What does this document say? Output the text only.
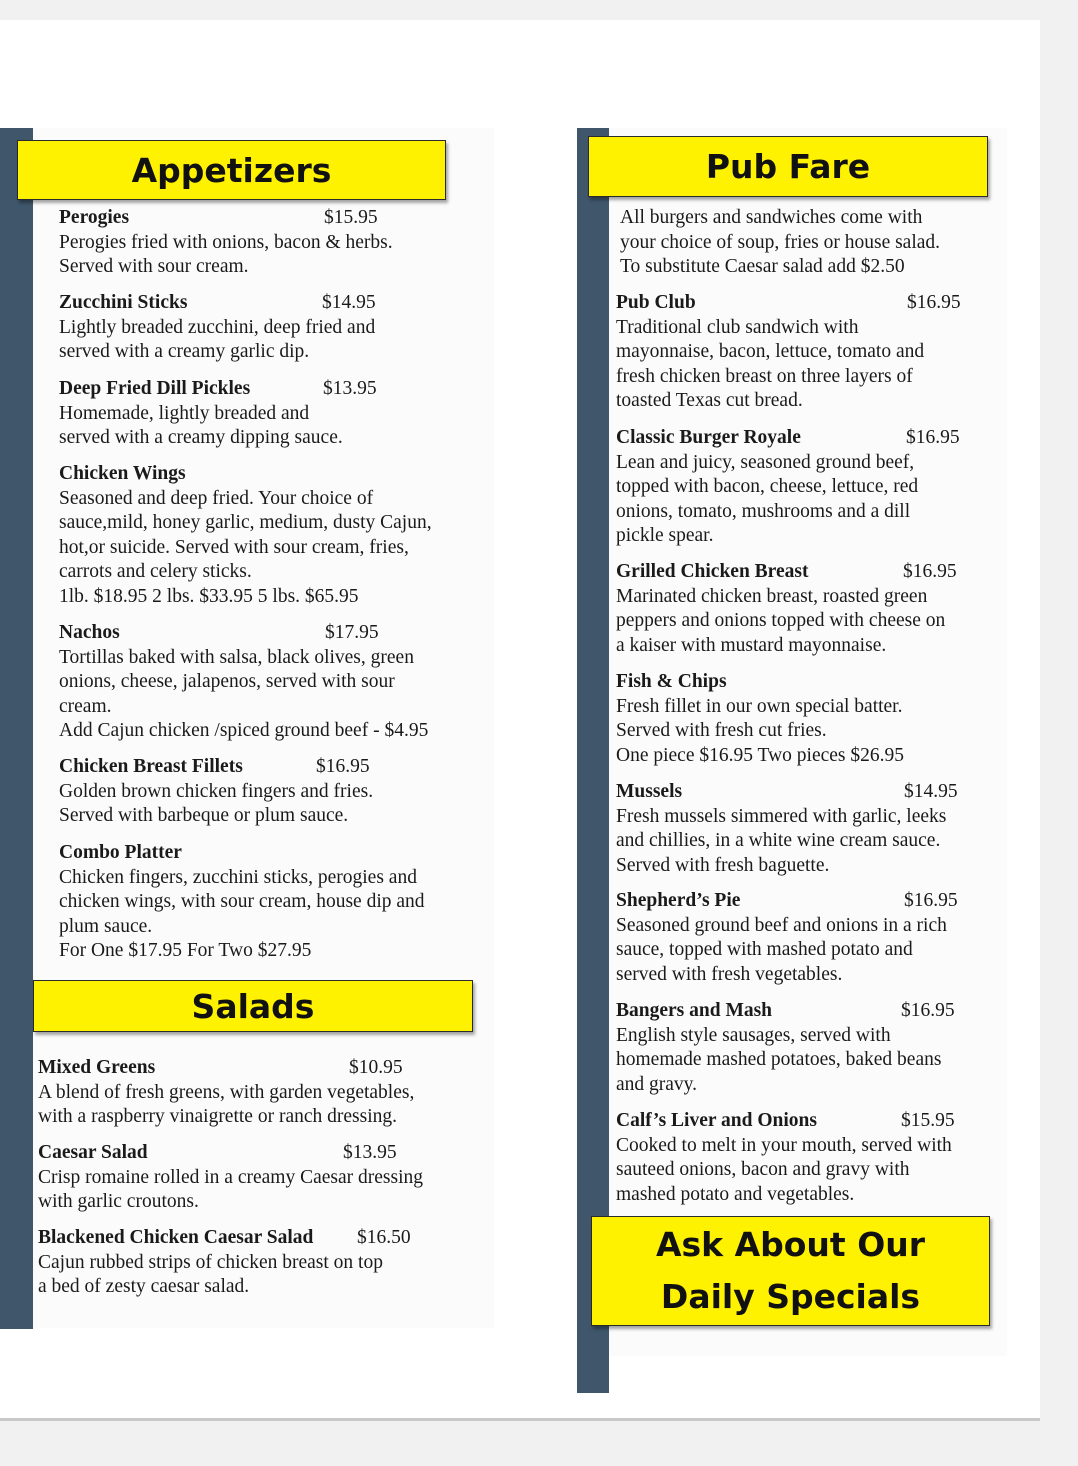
Appetizers
Salads
Pub Fare
Ask About Our
Daily Specials
Perogies	$15.95
Perogies fried with onions, bacon & herbs.
Served with sour cream.
Zucchini Sticks	$14.95
Lightly breaded zucchini, deep fried and
served with a creamy garlic dip.
Deep Fried Dill Pickles	$13.95
Homemade, lightly breaded and
served with a creamy dipping sauce.
Chicken Wings
Seasoned and deep fried. Your choice of
sauce,mild, honey garlic, medium, dusty Cajun,
hot,or suicide. Served with sour cream, fries,
carrots and celery sticks.
1lb. $18.95 2 lbs. $33.95 5 lbs. $65.95
Nachos	$17.95
Tortillas baked with salsa, black olives, green
onions, cheese, jalapenos, served with sour
cream.
Add Cajun chicken /spiced ground beef - $4.95
Chicken Breast Fillets	$16.95
Golden brown chicken fingers and fries.
Served with barbeque or plum sauce.
Combo Platter
Chicken fingers, zucchini sticks, perogies and
chicken wings, with sour cream, house dip and
plum sauce.
For One $17.95 For Two $27.95
Mixed Greens	$10.95
A blend of fresh greens, with garden vegetables,
with a raspberry vinaigrette or ranch dressing.
Caesar Salad	$13.95
Crisp romaine rolled in a creamy Caesar dressing
with garlic croutons.
Blackened Chicken Caesar Salad $16.50
Cajun rubbed strips of chicken breast on top
a bed of zesty caesar salad.
All burgers and sandwiches come with
your choice of soup, fries or house salad.
To substitute Caesar salad add $2.50
Pub Club	$16.95
Traditional club sandwich with
mayonnaise, bacon, lettuce, tomato and
fresh chicken breast on three layers of
toasted Texas cut bread.
Classic Burger Royale	$16.95
Lean and juicy, seasoned ground beef,
topped with bacon, cheese, lettuce, red
onions, tomato, mushrooms and a dill
pickle spear.
Grilled Chicken Breast	$16.95
Marinated chicken breast, roasted green
peppers and onions topped with cheese on
a kaiser with mustard mayonnaise.
Fish & Chips
Fresh fillet in our own special batter.
Served with fresh cut fries.
One piece $16.95 Two pieces $26.95
Mussels	$14.95
Fresh mussels simmered with garlic, leeks
and chillies, in a white wine cream sauce.
Served with fresh baguette.
Shepherd’s Pie	$16.95
Seasoned ground beef and onions in a rich
sauce, topped with mashed potato and
served with fresh vegetables.
Bangers and Mash	$16.95
English style sausages, served with
homemade mashed potatoes, baked beans
and gravy.
Calf’s Liver and Onions	$15.95
Cooked to melt in your mouth, served with
sauteed onions, bacon and gravy with
mashed potato and vegetables.
